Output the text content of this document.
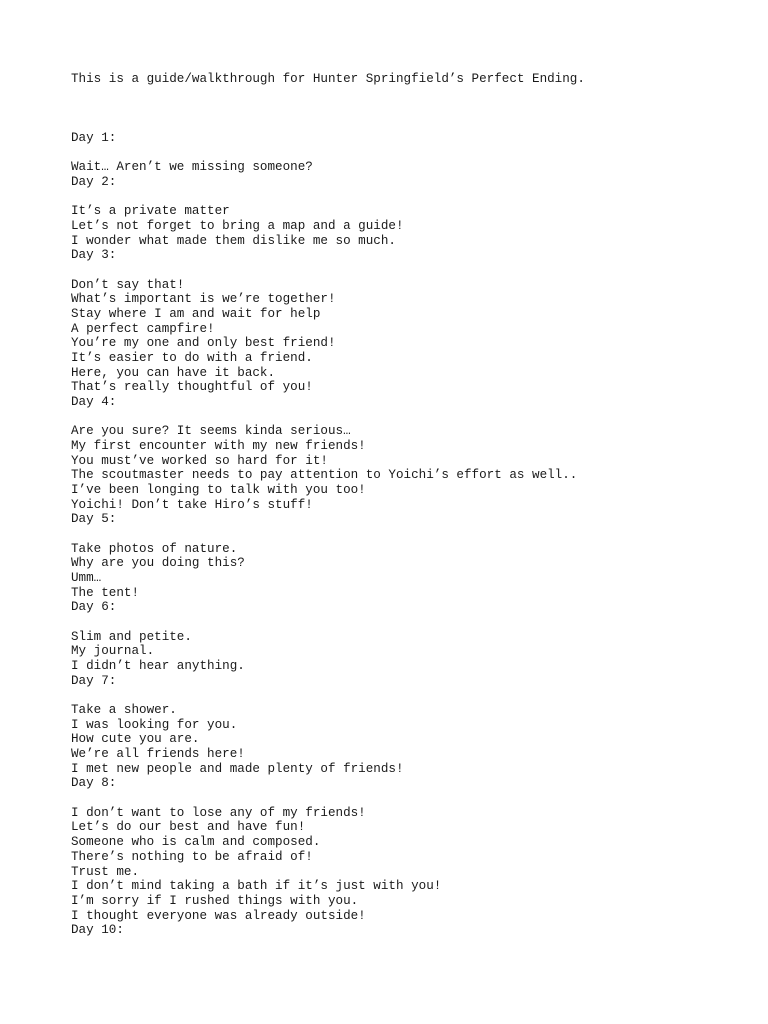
This is a guide/walkthrough for Hunter Springfield’s Perfect Ending.

Day 1:

Wait… Aren’t we missing someone?

Day 2:

It’s a private matter

Let’s not forget to bring a map and a guide!

I wonder what made them dislike me so much.

Day 3:

Don’t say that!

What’s important is we’re together!

Stay where I am and wait for help

A perfect campfire!

You’re my one and only best friend!

It’s easier to do with a friend.

Here, you can have it back.

That’s really thoughtful of you!

Day 4:

Are you sure? It seems kinda serious…

My first encounter with my new friends!

You must’ve worked so hard for it!

The scoutmaster needs to pay attention to Yoichi’s effort as well..

I’ve been longing to talk with you too!

Yoichi! Don’t take Hiro’s stuff!

Day 5:

Take photos of nature.

Why are you doing this?

Umm…

The tent!

Day 6:

Slim and petite.

My journal.

I didn’t hear anything.

Day 7:

Take a shower.

I was looking for you.

How cute you are.

We’re all friends here!

I met new people and made plenty of friends!

Day 8:

I don’t want to lose any of my friends!

Let’s do our best and have fun!

Someone who is calm and composed.

There’s nothing to be afraid of!

Trust me.

I don’t mind taking a bath if it’s just with you!

I’m sorry if I rushed things with you.

I thought everyone was already outside!

Day 10:
